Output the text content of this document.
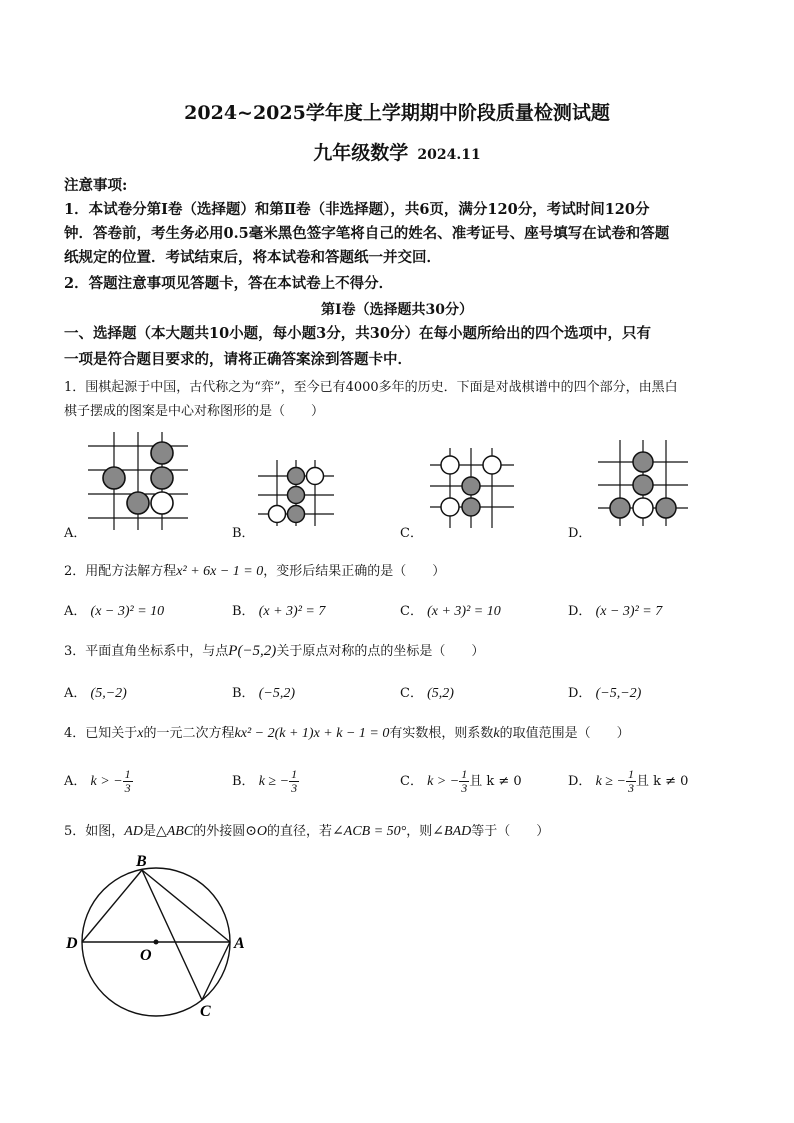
2024~2025学年度上学期期中阶段质量检测试题
九年级数学 2024.11
注意事项:
1．本试卷分第Ⅰ卷（选择题）和第Ⅱ卷（非选择题），共6页，满分120分，考试时间120分
钟．答卷前，考生务必用0.5毫米黑色签字笔将自己的姓名、准考证号、座号填写在试卷和答题
纸规定的位置．考试结束后，将本试卷和答题纸一并交回．
2．答题注意事项见答题卡，答在本试卷上不得分．
第Ⅰ卷（选择题共30分）
一、选择题（本大题共10小题，每小题3分，共30分）在每小题所给出的四个选项中，只有
一项是符合题目要求的，请将正确答案涂到答题卡中．
1．围棋起源于中国，古代称之为“弈”，至今已有4000多年的历史．下面是对战棋谱中的四个部分，由黑白
棋子摆成的图案是中心对称图形的是（　　）
A．	B．	C．	D．
2．用配方法解方程x² + 6x − 1 = 0，变形后结果正确的是（　　）
A． (x − 3)² = 10	B． (x + 3)² = 7	C． (x + 3)² = 10	D． (x − 3)² = 7
3．平面直角坐标系中，与点P(−5,2)关于原点对称的点的坐标是（　　）
A． (5,−2)	B． (−5,2)	C． (5,2)	D． (−5,−2)
4．已知关于x的一元二次方程kx² − 2(k + 1)x + k − 1 = 0有实数根，则系数k的取值范围是（　　）
A． k > − $\frac{1}{3}$	B． k ≥ − $\frac{1}{3}$	C． k > − $\frac{1}{3}$ 且 k ≠ 0	D． k ≥ − $\frac{1}{3}$ 且 k ≠ 0
5．如图，AD是△ABC的外接圆⊙O的直径，若∠ACB = 50°，则∠BAD等于（　　）
B
D
O
A
C
